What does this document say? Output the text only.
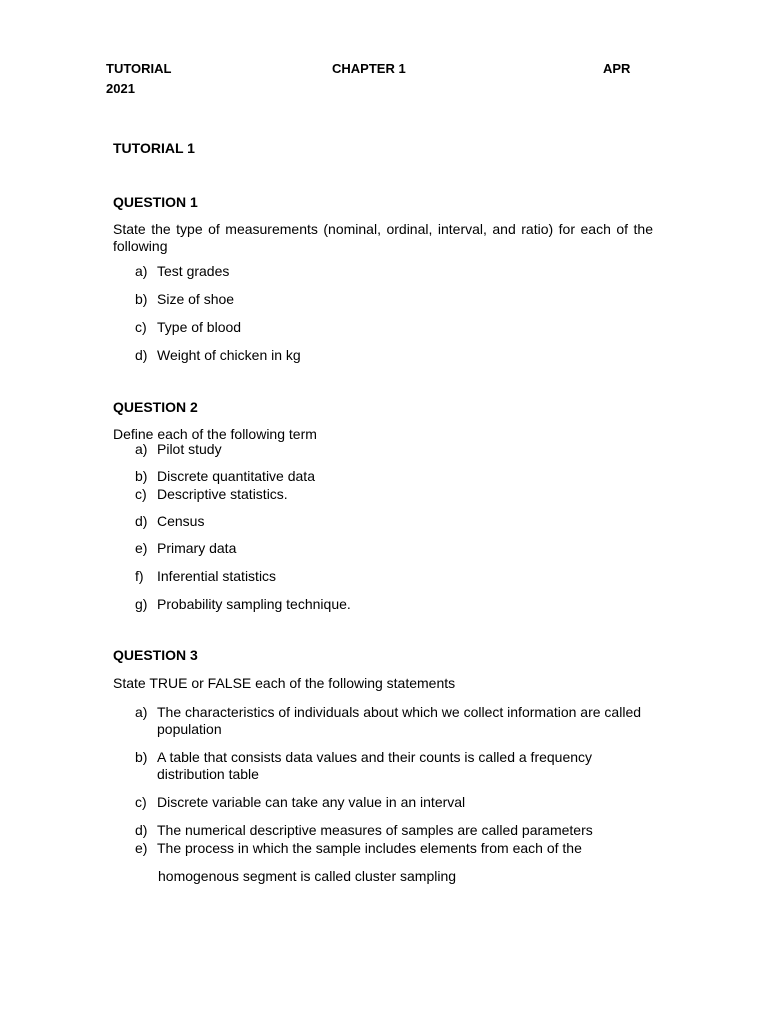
TUTORIAL	CHAPTER 1	APR
2021
TUTORIAL 1
QUESTION 1
State the type of measurements (nominal, ordinal, interval, and ratio) for each of the following
a) Test grades
b) Size of shoe
c) Type of blood
d) Weight of chicken in kg
QUESTION 2
Define each of the following term
a) Pilot study
b) Discrete quantitative data
c) Descriptive statistics.
d) Census
e) Primary data
f) Inferential statistics
g) Probability sampling technique.
QUESTION 3
State TRUE or FALSE each of the following statements
a) The characteristics of individuals about which we collect information are called population
b) A table that consists data values and their counts is called a frequency distribution table
c) Discrete variable can take any value in an interval
d) The numerical descriptive measures of samples are called parameters
e) The process in which the sample includes elements from each of the
homogenous segment is called cluster sampling
